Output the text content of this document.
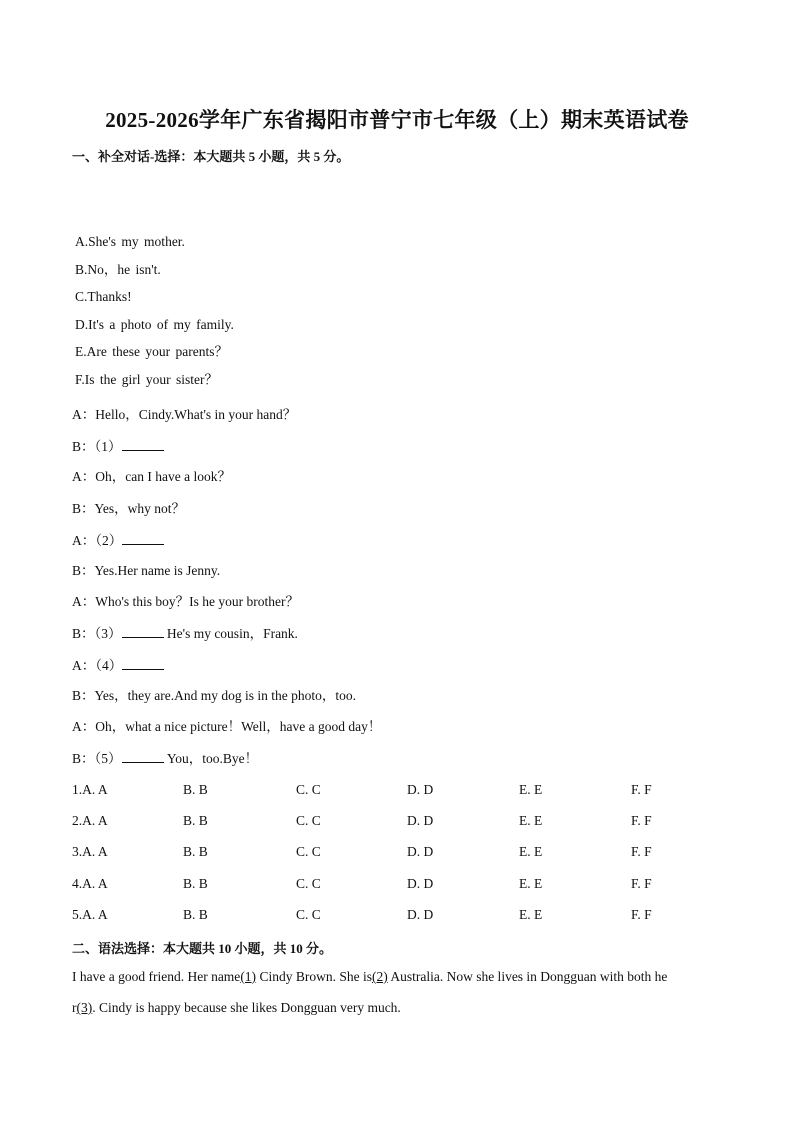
2025-2026学年广东省揭阳市普宁市七年级（上）期末英语试卷
一、补全对话-选择：本大题共 5 小题，共 5 分。
A.She's my mother.
B.No，he isn't.
C.Thanks!
D.It's a photo of my family.
E.Are these your parents？
F.Is the girl your sister？
A：Hello，Cindy.What's in your hand？
B：（1）
A：Oh，can I have a look？
B：Yes，why not？
A：（2）
B：Yes.Her name is Jenny.
A：Who's this boy？Is he your brother？
B：（3）	He's my cousin，Frank.
A：（4）
B：Yes，they are.And my dog is in the photo，too.
A：Oh，what a nice picture！Well，have a good day！
B：（5）	You，too.Bye！
1.A. A	B. B	C. C	D. D	E. E	F. F
2.A. A	B. B	C. C	D. D	E. E	F. F
3.A. A	B. B	C. C	D. D	E. E	F. F
4.A. A	B. B	C. C	D. D	E. E	F. F
5.A. A	B. B	C. C	D. D	E. E	F. F
二、语法选择：本大题共 10 小题，共 10 分。
I have a good friend. Her name(1) Cindy Brown. She is(2) Australia. Now she lives in Dongguan with both he
r(3). Cindy is happy because she likes Dongguan very much.
